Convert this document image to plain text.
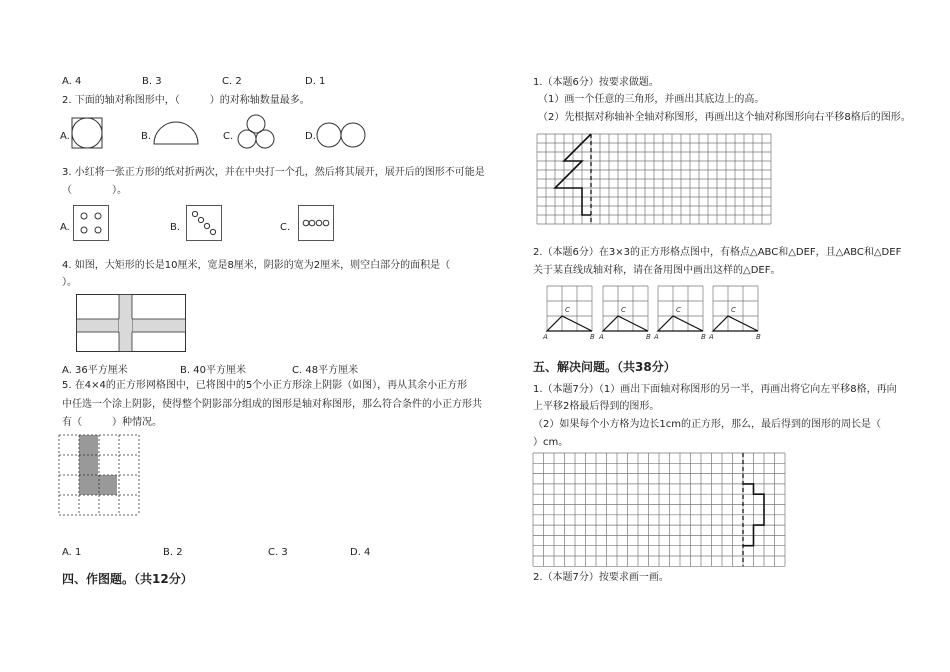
A. 4	B. 3	C. 2	D. 1
2. 下面的轴对称图形中，（　　　）的对称轴数量最多。
A.	B.	C.	D.
3. 小红将一张正方形的纸对折两次，并在中央打一个孔，然后将其展开，展开后的图形不可能是
（　　　　）。
A.	B.	C.
4. 如图，大矩形的长是10厘米，宽是8厘米，阴影的宽为2厘米，则空白部分的面积是（
）。
A. 36平方厘米	B. 40平方厘米	C. 48平方厘米
5. 在4×4的正方形网格图中，已将图中的5个小正方形涂上阴影（如图），再从其余小正方形
中任选一个涂上阴影，使得整个阴影部分组成的图形是轴对称图形，那么符合条件的小正方形共
有（　　　）种情况。
A. 1	B. 2	C. 3	D. 4
四、作图题。（共12分）
1.（本题6分）按要求做题。
（1）画一个任意的三角形，并画出其底边上的高。
（2）先根据对称轴补全轴对称图形，再画出这个轴对称图形向右平移8格后的图形。
2.（本题6分）在3×3的正方形格点图中，有格点△ABC和△DEF，且△ABC和△DEF
关于某直线成轴对称，请在备用图中画出这样的△DEF。
C
A	B
C
A	B
C
A	B
C
A	B
五、解决问题。（共38分）
1.（本题7分）（1）画出下面轴对称图形的另一半，再画出将它向左平移8格，再向
上平移2格最后得到的图形。
（2）如果每个小方格为边长1cm的正方形，那么，最后得到的图形的周长是（
）cm。
2.（本题7分）按要求画一画。
